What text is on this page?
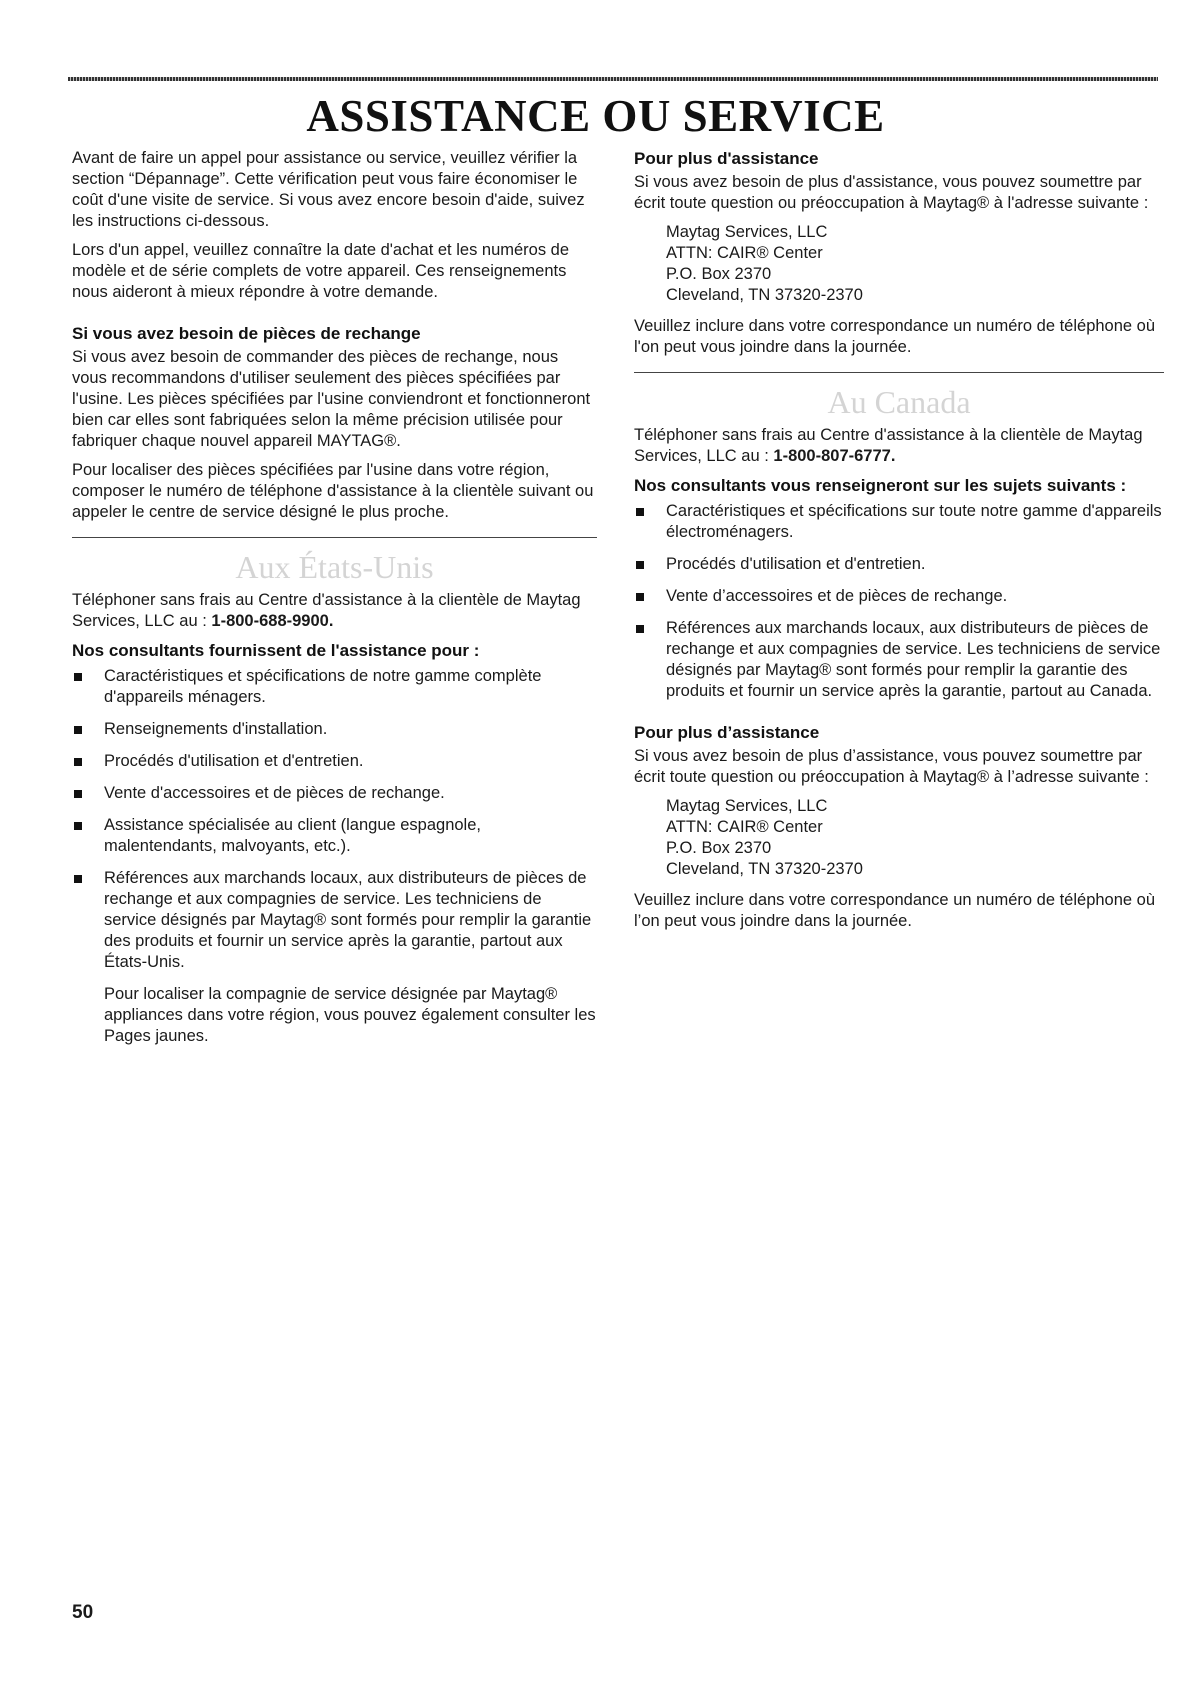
ASSISTANCE OU SERVICE

Avant de faire un appel pour assistance ou service, veuillez vérifier la section “Dépannage”. Cette vérification peut vous faire économiser le coût d'une visite de service. Si vous avez encore besoin d'aide, suivez les instructions ci-dessous.

Lors d'un appel, veuillez connaître la date d'achat et les numéros de modèle et de série complets de votre appareil. Ces renseignements nous aideront à mieux répondre à votre demande.

Si vous avez besoin de pièces de rechange

Si vous avez besoin de commander des pièces de rechange, nous vous recommandons d'utiliser seulement des pièces spécifiées par l'usine. Les pièces spécifiées par l'usine conviendront et fonctionneront bien car elles sont fabriquées selon la même précision utilisée pour fabriquer chaque nouvel appareil MAYTAG®.

Pour localiser des pièces spécifiées par l'usine dans votre région, composer le numéro de téléphone d'assistance à la clientèle suivant ou appeler le centre de service désigné le plus proche.

Aux États-Unis

Téléphoner sans frais au Centre d'assistance à la clientèle de Maytag Services, LLC au : 1-800-688-9900.

Nos consultants fournissent de l'assistance pour :
Caractéristiques et spécifications de notre gamme complète d'appareils ménagers.
Renseignements d'installation.
Procédés d'utilisation et d'entretien.
Vente d'accessoires et de pièces de rechange.
Assistance spécialisée au client (langue espagnole, malentendants, malvoyants, etc.).
Références aux marchands locaux, aux distributeurs de pièces de rechange et aux compagnies de service. Les techniciens de service désignés par Maytag® sont formés pour remplir la garantie des produits et fournir un service après la garantie, partout aux États-Unis.

Pour localiser la compagnie de service désignée par Maytag® appliances dans votre région, vous pouvez également consulter les Pages jaunes.

Pour plus d'assistance

Si vous avez besoin de plus d'assistance, vous pouvez soumettre par écrit toute question ou préoccupation à Maytag® à l'adresse suivante :

Maytag Services, LLC
ATTN: CAIR® Center
P.O. Box 2370
Cleveland, TN 37320-2370

Veuillez inclure dans votre correspondance un numéro de téléphone où l'on peut vous joindre dans la journée.

Au Canada

Téléphoner sans frais au Centre d'assistance à la clientèle de Maytag Services, LLC au : 1-800-807-6777.

Nos consultants vous renseigneront sur les sujets suivants :
Caractéristiques et spécifications sur toute notre gamme d'appareils électroménagers.
Procédés d'utilisation et d'entretien.
Vente d’accessoires et de pièces de rechange.
Références aux marchands locaux, aux distributeurs de pièces de rechange et aux compagnies de service. Les techniciens de service désignés par Maytag® sont formés pour remplir la garantie des produits et fournir un service après la garantie, partout au Canada.
Pour plus d’assistance

Si vous avez besoin de plus d’assistance, vous pouvez soumettre par écrit toute question ou préoccupation à Maytag® à l’adresse suivante :

Maytag Services, LLC
ATTN: CAIR® Center
P.O. Box 2370
Cleveland, TN 37320-2370

Veuillez inclure dans votre correspondance un numéro de téléphone où l’on peut vous joindre dans la journée.

50
